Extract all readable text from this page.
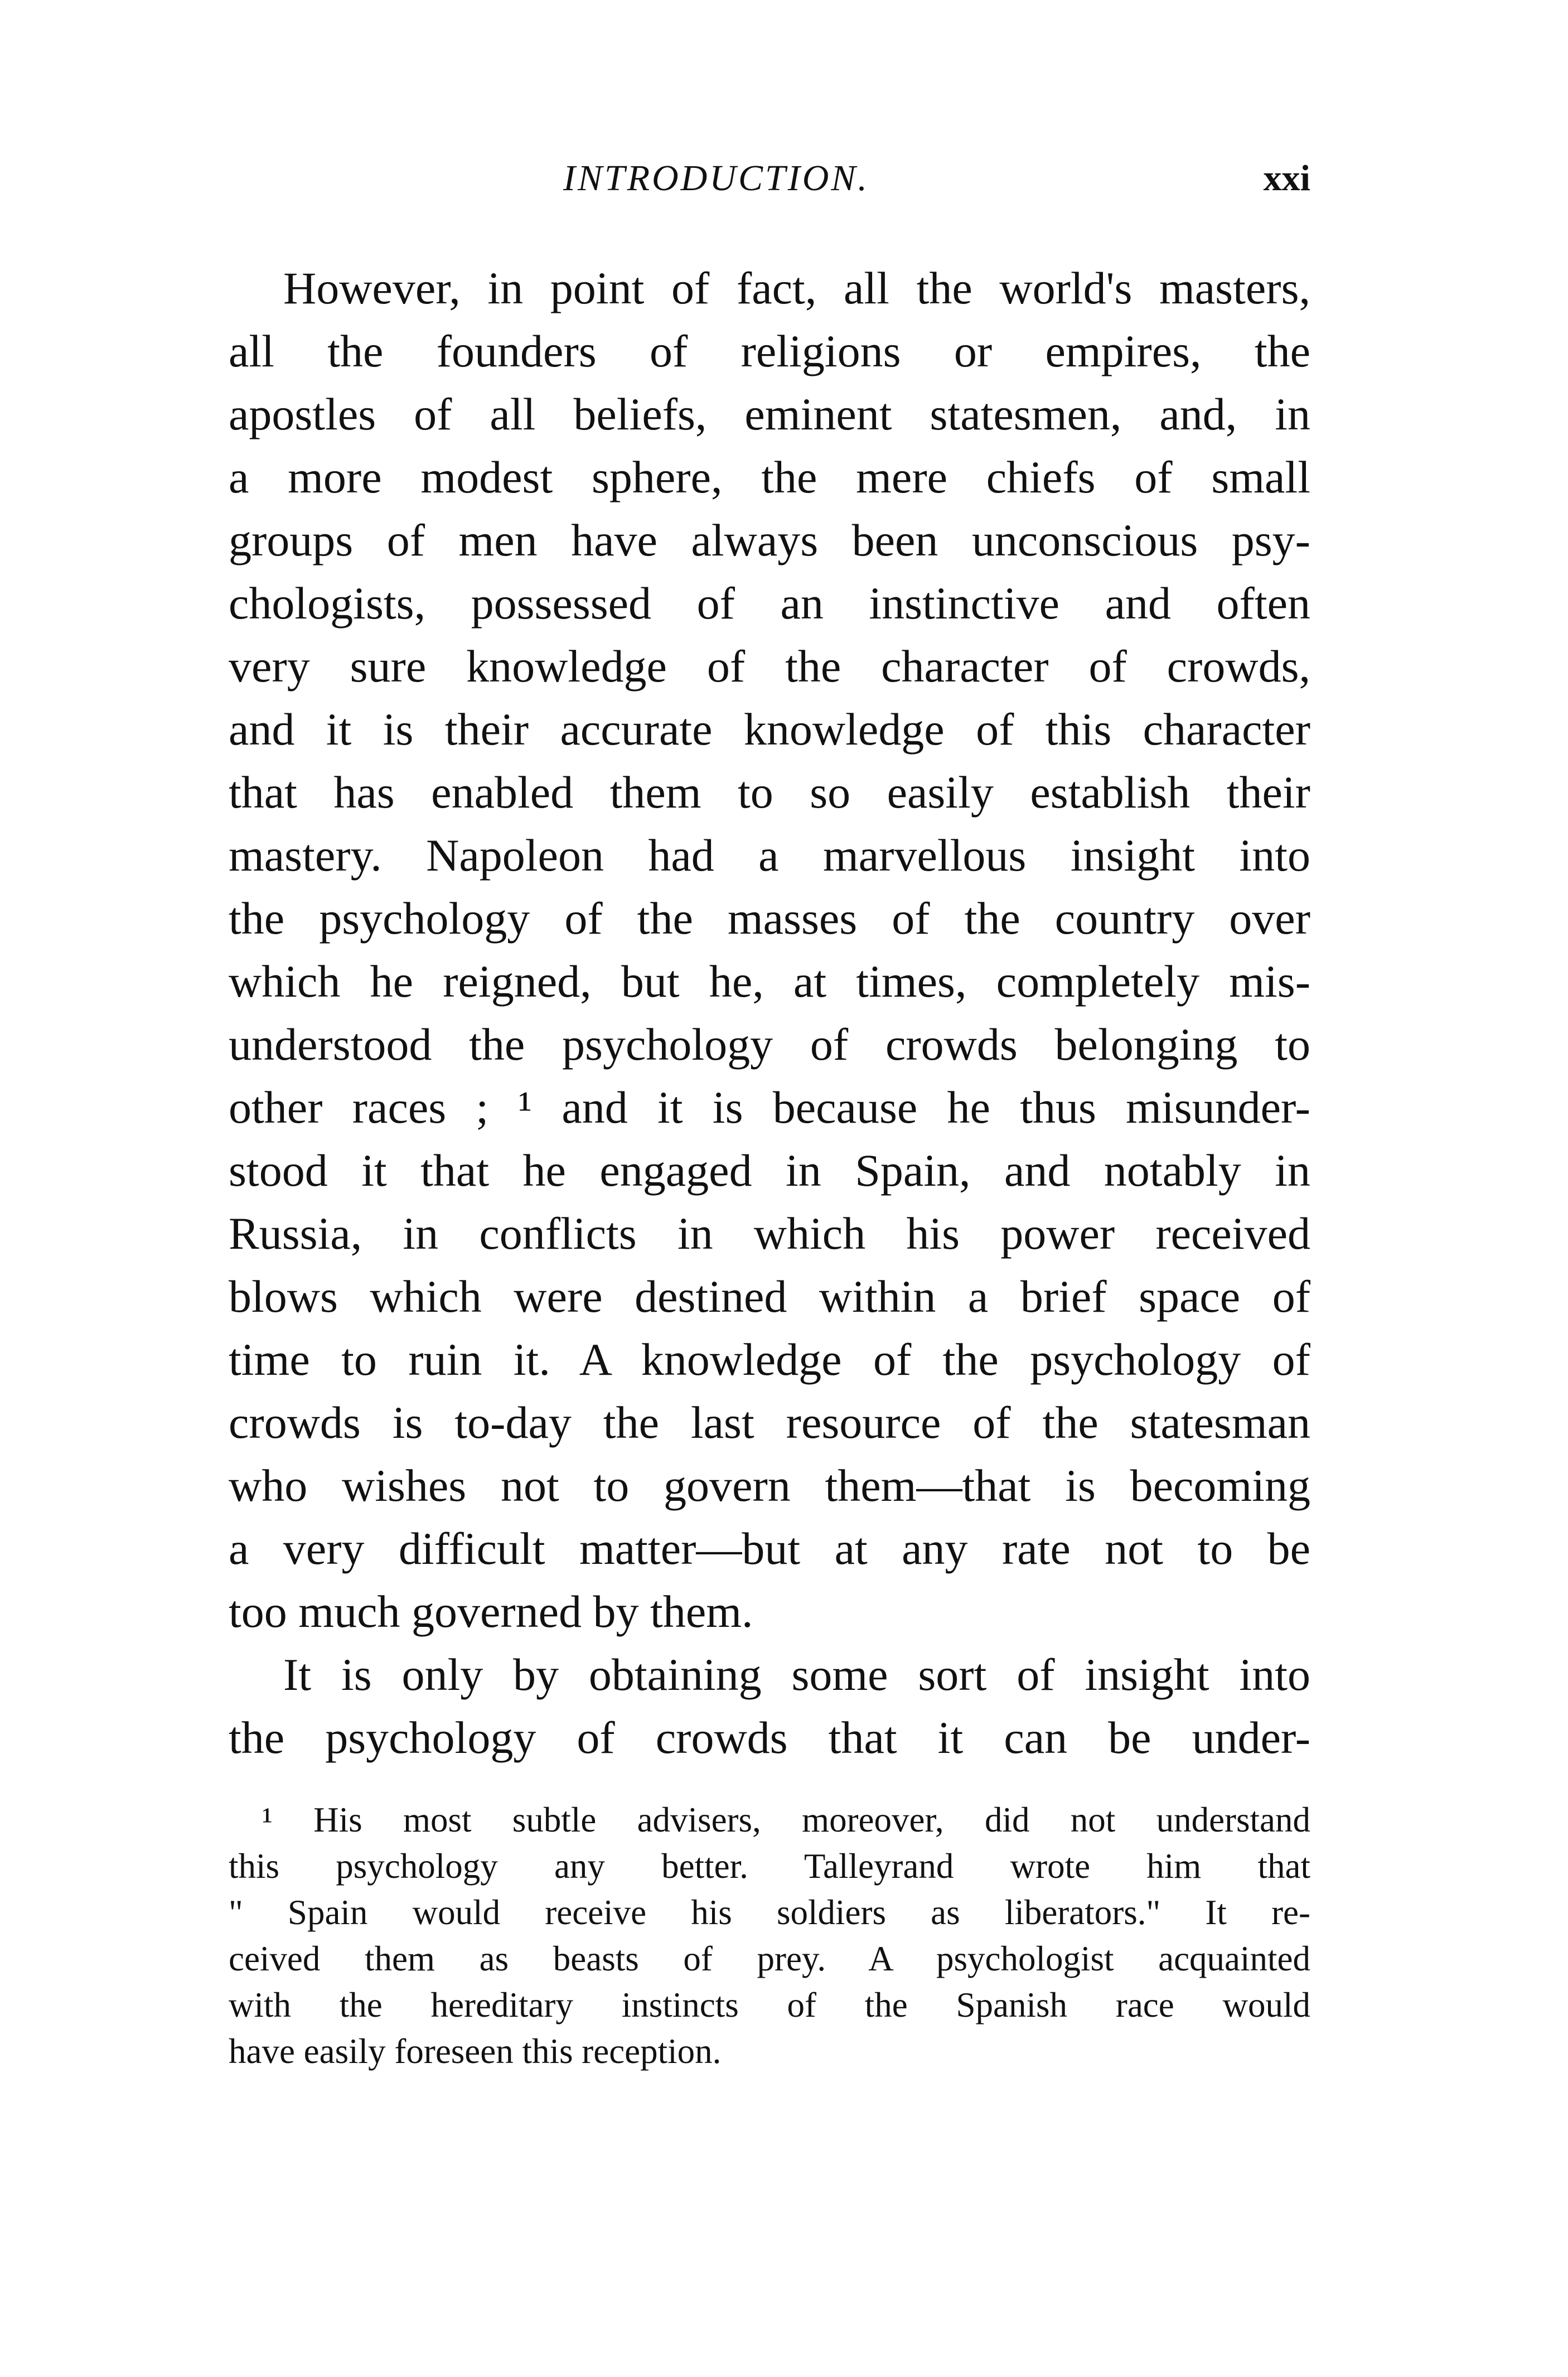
INTRODUCTION.	xxi
However, in point of fact, all the world's masters,
all the founders of religions or empires, the
apostles of all beliefs, eminent statesmen, and, in
a more modest sphere, the mere chiefs of small
groups of men have always been unconscious psy-
chologists, possessed of an instinctive and often
very sure knowledge of the character of crowds,
and it is their accurate knowledge of this character
that has enabled them to so easily establish their
mastery. Napoleon had a marvellous insight into
the psychology of the masses of the country over
which he reigned, but he, at times, completely mis-
understood the psychology of crowds belonging to
other races ; ¹ and it is because he thus misunder-
stood it that he engaged in Spain, and notably in
Russia, in conflicts in which his power received
blows which were destined within a brief space of
time to ruin it. A knowledge of the psychology of
crowds is to-day the last resource of the statesman
who wishes not to govern them—that is becoming
a very difficult matter—but at any rate not to be
too much governed by them.
It is only by obtaining some sort of insight into
the psychology of crowds that it can be under-
¹ His most subtle advisers, moreover, did not understand
this psychology any better. Talleyrand wrote him that
" Spain would receive his soldiers as liberators." It re-
ceived them as beasts of prey. A psychologist acquainted
with the hereditary instincts of the Spanish race would
have easily foreseen this reception.
